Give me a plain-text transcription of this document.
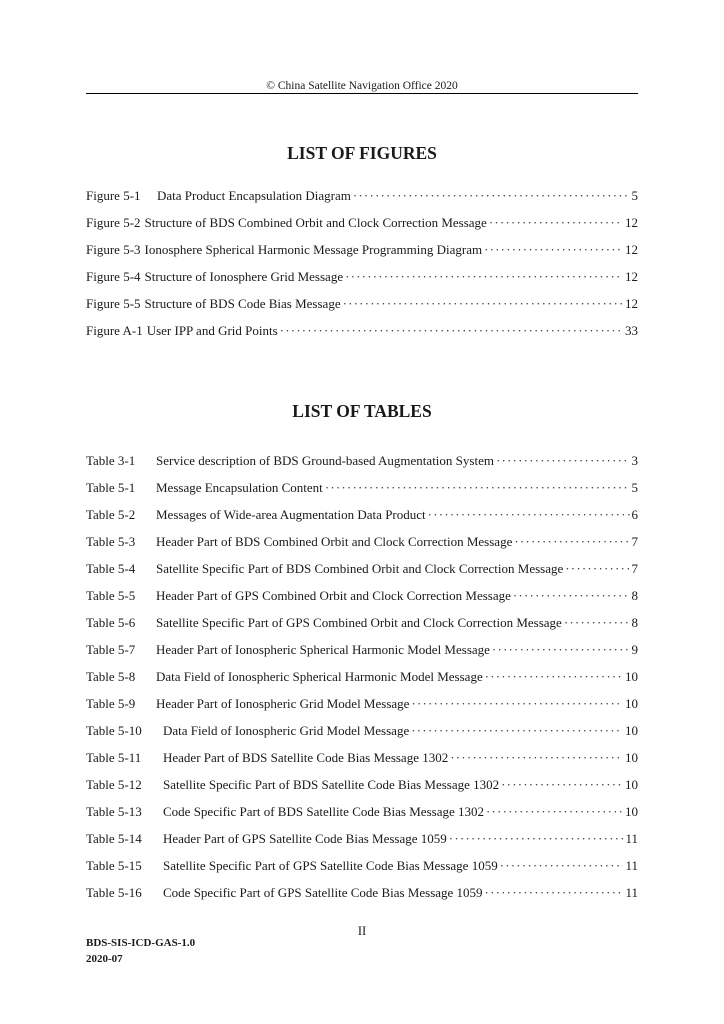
© China Satellite Navigation Office 2020
LIST OF FIGURES
Figure 5-1	Data Product Encapsulation Diagram ·····	5
Figure 5-2 Structure of BDS Combined Orbit and Clock Correction Message ·····	12
Figure 5-3 Ionosphere Spherical Harmonic Message Programming Diagram ·····	12
Figure 5-4 Structure of Ionosphere Grid Message ·····	12
Figure 5-5 Structure of BDS Code Bias Message ·····	12
Figure A-1 User IPP and Grid Points ·····	33
LIST OF TABLES
Table 3-1	Service description of BDS Ground-based Augmentation System ·····	3
Table 5-1	Message Encapsulation Content ·····	5
Table 5-2	Messages of Wide-area Augmentation Data Product ·····	6
Table 5-3	Header Part of BDS Combined Orbit and Clock Correction Message ·····	7
Table 5-4	Satellite Specific Part of BDS Combined Orbit and Clock Correction Message ·····	7
Table 5-5	Header Part of GPS Combined Orbit and Clock Correction Message ·····	8
Table 5-6	Satellite Specific Part of GPS Combined Orbit and Clock Correction Message ·····	8
Table 5-7	Header Part of Ionospheric Spherical Harmonic Model Message ·····	9
Table 5-8	Data Field of Ionospheric Spherical Harmonic Model Message ·····	10
Table 5-9	Header Part of Ionospheric Grid Model Message ·····	10
Table 5-10	Data Field of Ionospheric Grid Model Message ·····	10
Table 5-11	Header Part of BDS Satellite Code Bias Message 1302 ·····	10
Table 5-12	Satellite Specific Part of BDS Satellite Code Bias Message 1302 ·····	10
Table 5-13	Code Specific Part of BDS Satellite Code Bias Message 1302 ·····	10
Table 5-14	Header Part of GPS Satellite Code Bias Message 1059 ·····	11
Table 5-15	Satellite Specific Part of GPS Satellite Code Bias Message 1059 ·····	11
Table 5-16	Code Specific Part of GPS Satellite Code Bias Message 1059 ·····	11
II
BDS-SIS-ICD-GAS-1.0
2020-07
